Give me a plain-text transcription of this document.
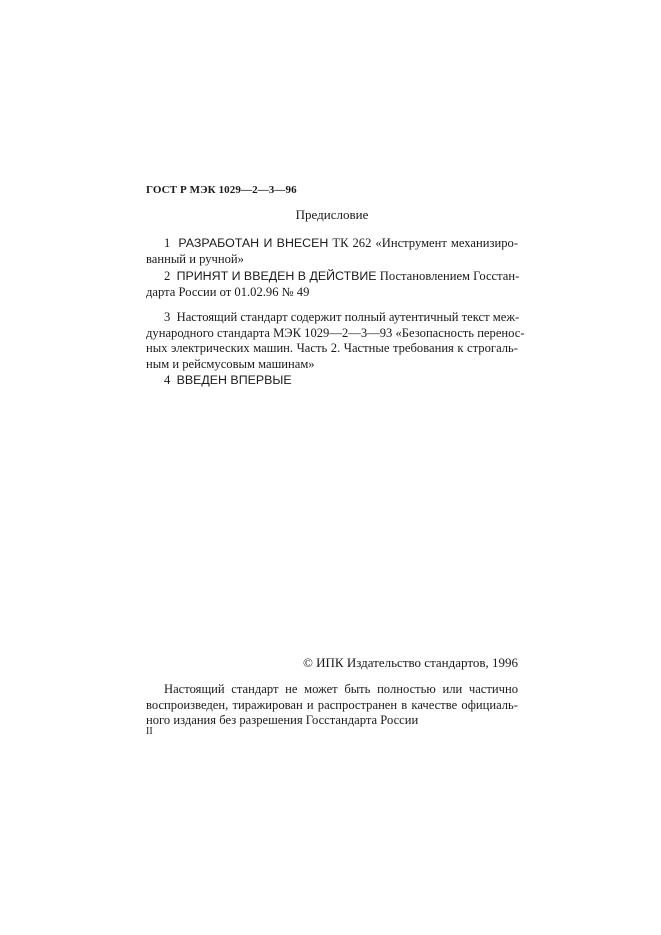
ГОСТ Р МЭК 1029—2—3—96
Предисловие
1 РАЗРАБОТАН И ВНЕСЕН ТК 262 «Инструмент механизиро-
ванный и ручной»
2 ПРИНЯТ И ВВЕДЕН В ДЕЙСТВИЕ Постановлением Госстан-
дарта России от 01.02.96 № 49
3 Настоящий стандарт содержит полный аутентичный текст меж-
дународного стандарта МЭК 1029—2—3—93 «Безопасность перенос-
ных электрических машин. Часть 2. Частные требования к строгаль-
ным и рейсмусовым машинам»
4 ВВЕДЕН ВПЕРВЫЕ
© ИПК Издательство стандартов, 1996
Настоящий стандарт не может быть полностью или частично
воспроизведен, тиражирован и распространен в качестве официаль-
ного издания без разрешения Госстандарта России
II
